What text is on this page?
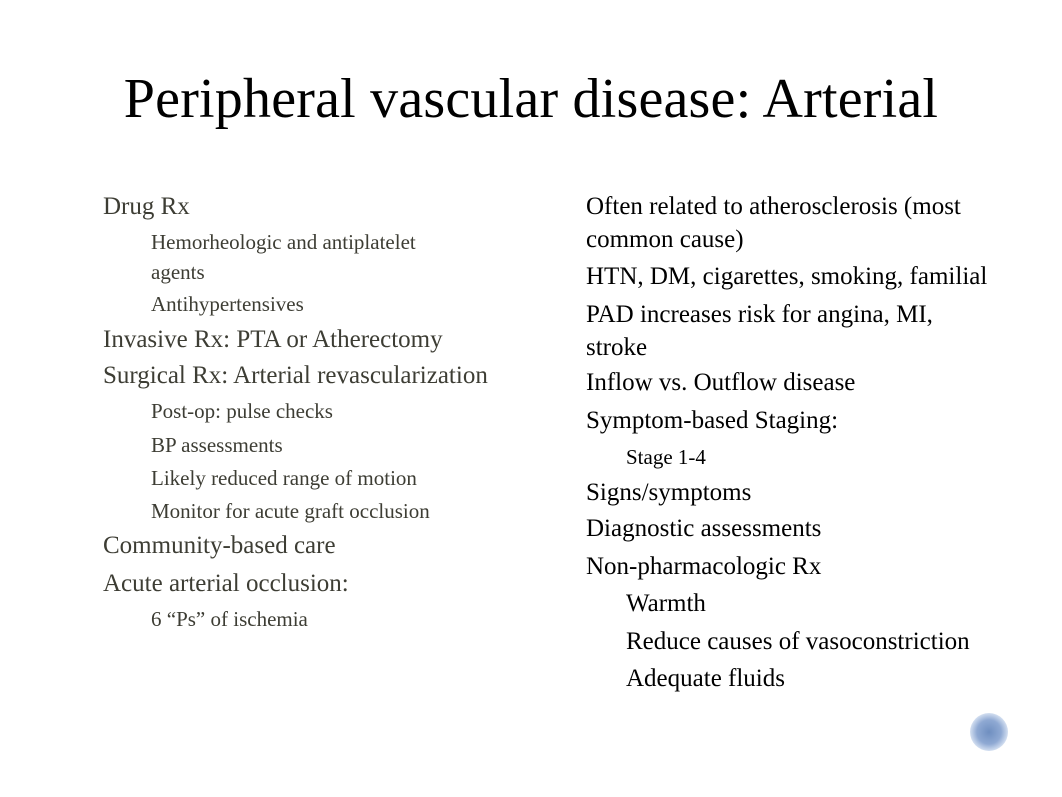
Peripheral vascular disease: Arterial
Drug Rx
Hemorheologic and antiplatelet agents
Antihypertensives
Invasive Rx: PTA or Atherectomy
Surgical Rx: Arterial revascularization
Post-op: pulse checks
BP assessments
Likely reduced range of motion
Monitor for acute graft occlusion
Community-based care
Acute arterial occlusion:
6 “Ps” of ischemia
Often related to atherosclerosis (most common cause)
HTN, DM, cigarettes, smoking, familial
PAD increases risk for angina, MI, stroke
Inflow vs. Outflow disease
Symptom-based Staging:
Stage 1-4
Signs/symptoms
Diagnostic assessments
Non-pharmacologic Rx
Warmth
Reduce causes of vasoconstriction
Adequate fluids
